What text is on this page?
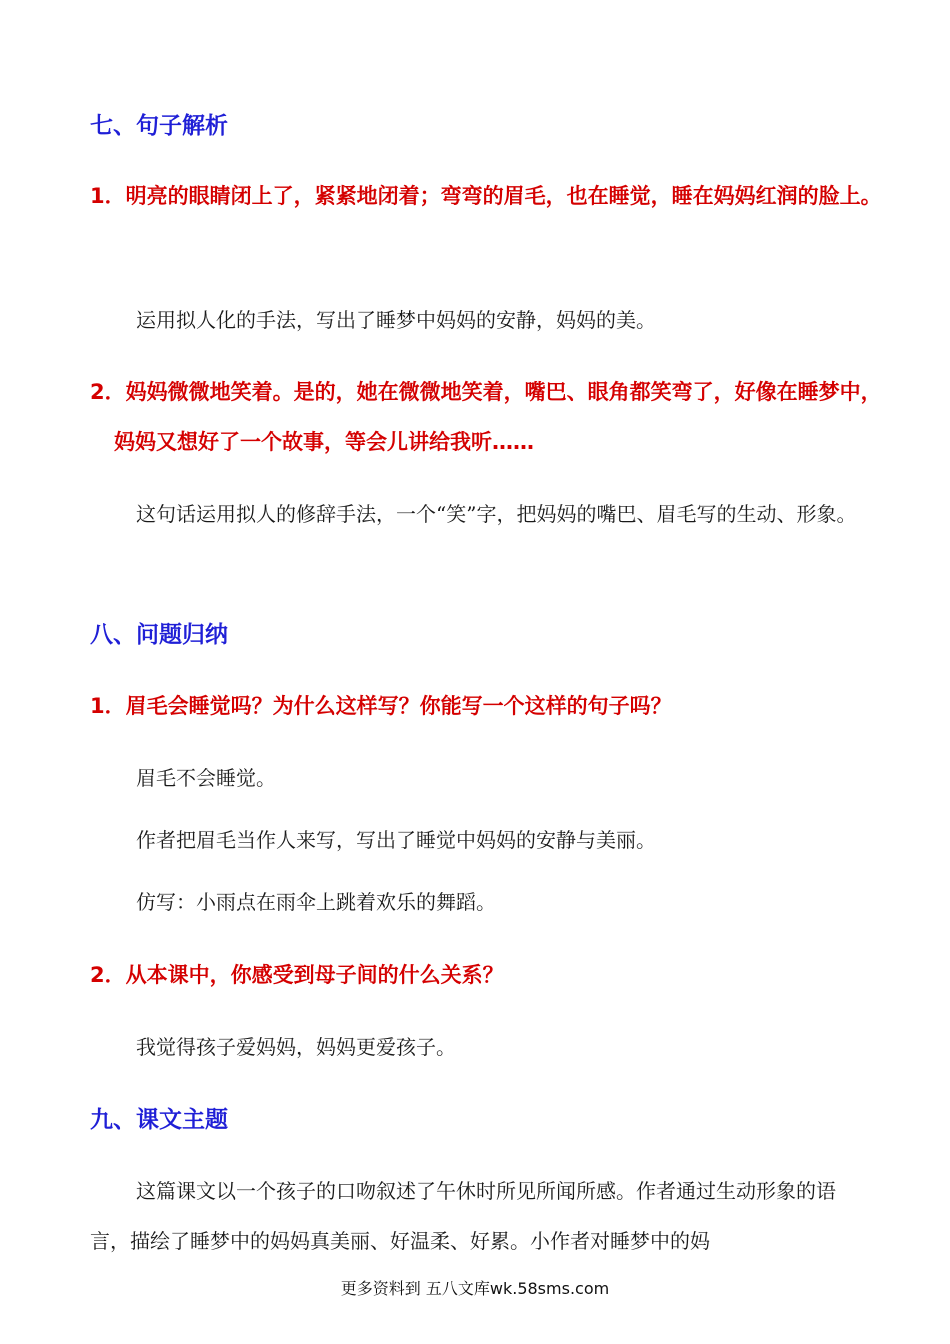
七、句子解析

1．明亮的眼睛闭上了，紧紧地闭着；弯弯的眉毛，也在睡觉，睡在妈妈红润的脸上。

运用拟人化的手法，写出了睡梦中妈妈的安静，妈妈的美。

2．妈妈微微地笑着。是的，她在微微地笑着，嘴巴、眼角都笑弯了，好像在睡梦中，妈妈又想好了一个故事，等会儿讲给我听……

这句话运用拟人的修辞手法，一个“笑”字，把妈妈的嘴巴、眉毛写的生动、形象。

八、问题归纳

1．眉毛会睡觉吗？为什么这样写？你能写一个这样的句子吗？

眉毛不会睡觉。

作者把眉毛当作人来写，写出了睡觉中妈妈的安静与美丽。

仿写：小雨点在雨伞上跳着欢乐的舞蹈。

2．从本课中，你感受到母子间的什么关系？

我觉得孩子爱妈妈，妈妈更爱孩子。

九、课文主题

这篇课文以一个孩子的口吻叙述了午休时所见所闻所感。作者通过生动形象的语言，描绘了睡梦中的妈妈真美丽、好温柔、好累。小作者对睡梦中的妈

更多资料到 五八文库wk.58sms.com
